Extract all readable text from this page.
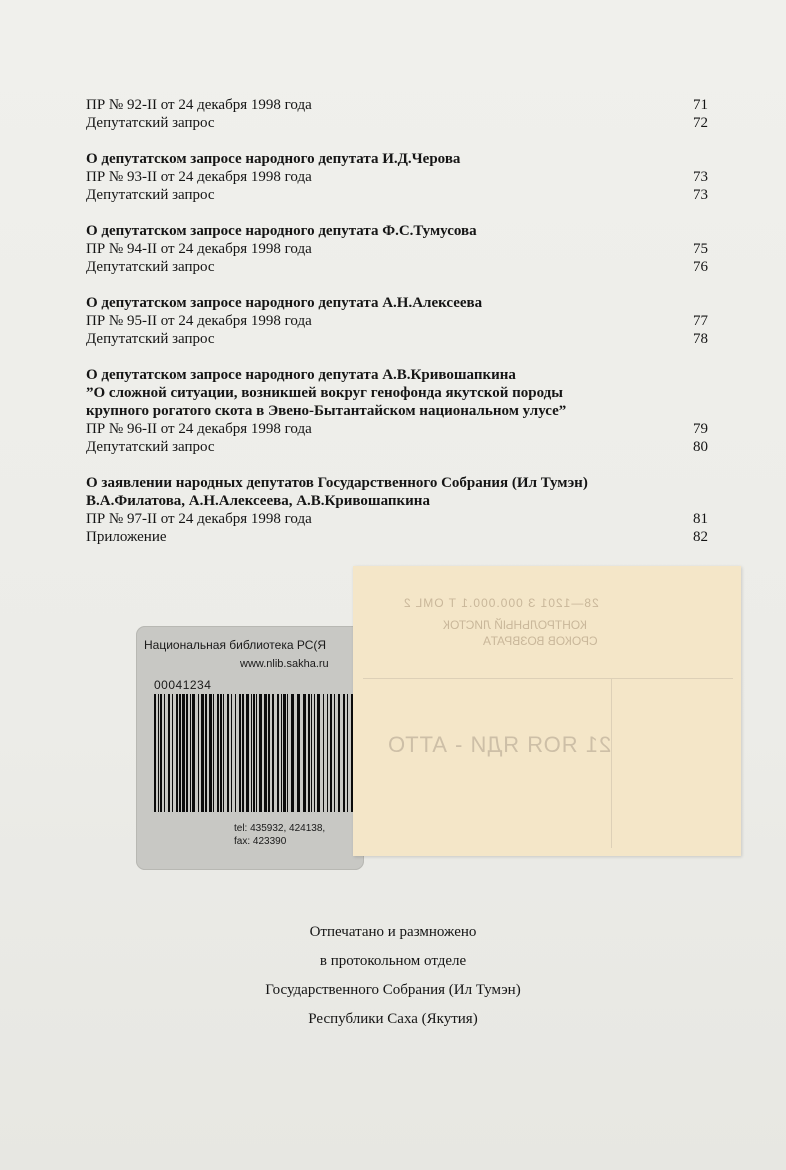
ПР № 92-II от 24 декабря 1998 года	71
Депутатский запрос	72
О депутатском запросе народного депутата И.Д.Черова
ПР № 93-II от 24 декабря 1998 года	73
Депутатский запрос	73
О депутатском запросе народного депутата Ф.С.Тумусова
ПР № 94-II от 24 декабря 1998 года	75
Депутатский запрос	76
О депутатском запросе народного депутата А.Н.Алексеева
ПР № 95-II от 24 декабря 1998 года	77
Депутатский запрос	78
О депутатском запросе народного депутата А.В.Кривошапкина
”О сложной ситуации, возникшей вокруг генофонда якутской породы
крупного рогатого скота в Эвено-Бытантайском национальном улусе”
ПР № 96-II от 24 декабря 1998 года	79
Депутатский запрос	80
О заявлении народных депутатов Государственного Собрания (Ил Тумэн)
В.А.Филатова, А.Н.Алексеева, А.В.Кривошапкина
ПР № 97-II от 24 декабря 1998 года	81
Приложение	82
Национальная библиотека РС(Я
www.nlib.sakha.ru
00041234
tel: 435932, 424138,
fax: 423390
28—1201 З 000.000.1 T ОМL 2
КОНТРОЛЬНЫЙ ЛИСТОК
СРОКОВ ВОЗВРАТА
21 ЯОЯ ЯДИ - АТТО
Отпечатано и размножено
в протокольном отделе
Государственного Собрания (Ил Тумэн)
Республики Саха (Якутия)
